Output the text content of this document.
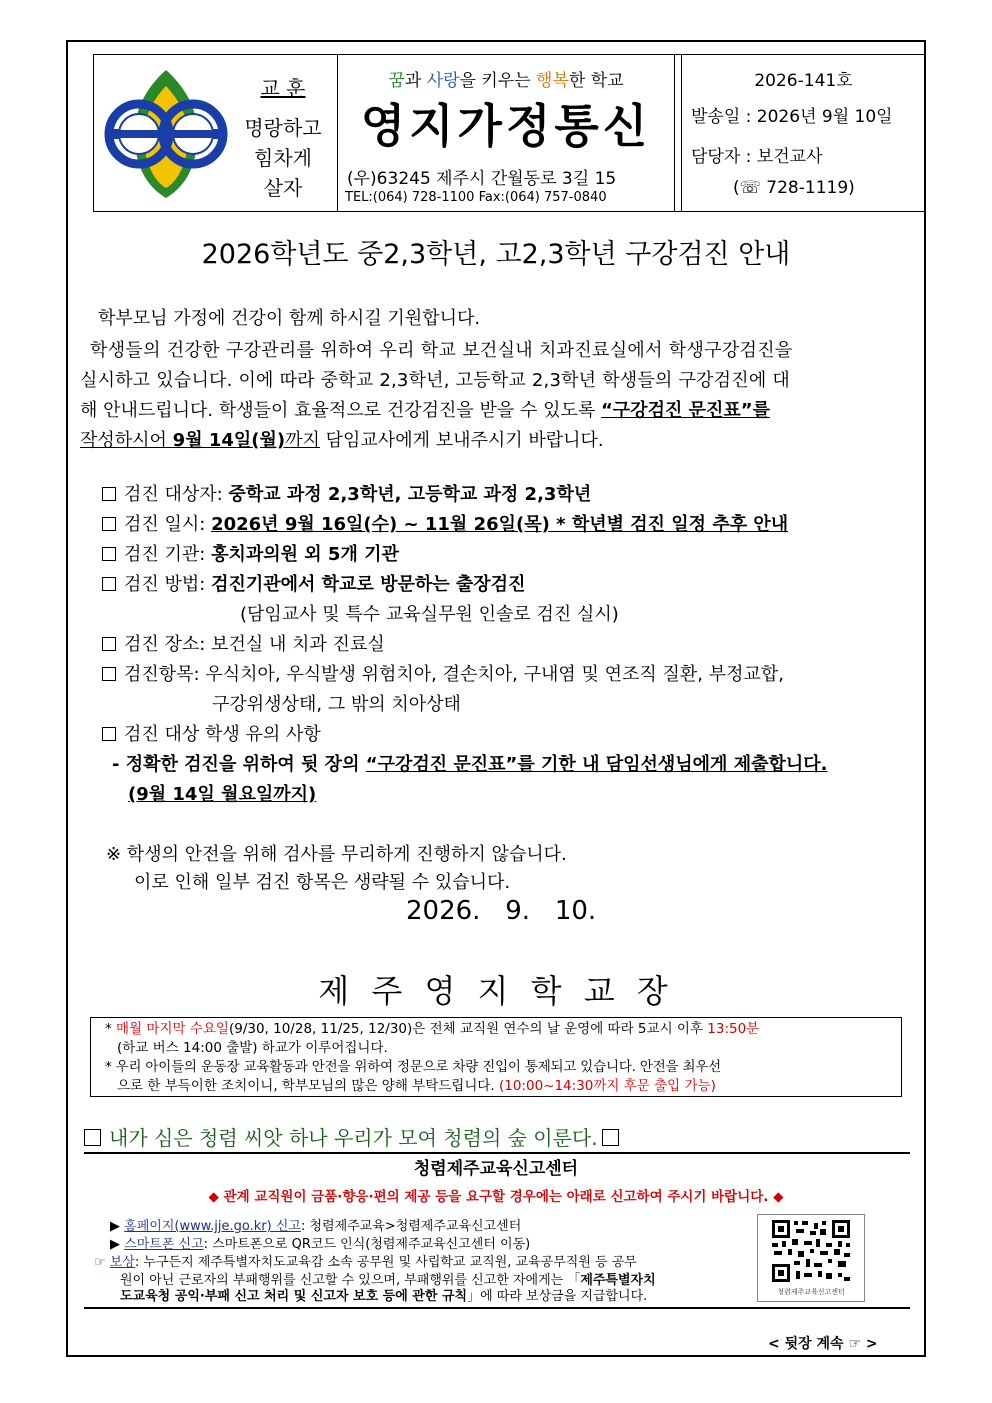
교 훈
명랑하고
힘차게
살자
꿈과 사랑을 키우는 행복한 학교
영지가정통신
(우)63245 제주시 간월동로 3길 15
TEL:(064) 728-1100 Fax:(064) 757-0840
2026-141호
발송일 : 2026년 9월 10일
담당자 : 보건교사
(☏ 728-1119)
2026학년도 중2,3학년, 고2,3학년 구강검진 안내
학부모님 가정에 건강이 함께 하시길 기원합니다.
학생들의 건강한 구강관리를 위하여 우리 학교 보건실내 치과진료실에서 학생구강검진을
실시하고 있습니다. 이에 따라 중학교 2,3학년, 고등학교 2,3학년 학생들의 구강검진에 대
해 안내드립니다. 학생들이 효율적으로 건강검진을 받을 수 있도록 “구강검진 문진표”를
작성하시어 9월 14일(월)까지 담임교사에게 보내주시기 바랍니다.
검진 대상자: 중학교 과정 2,3학년, 고등학교 과정 2,3학년
검진 일시: 2026년 9월 16일(수) ~ 11월 26일(목) * 학년별 검진 일정 추후 안내
검진 기관: 홍치과의원 외 5개 기관
검진 방법: 검진기관에서 학교로 방문하는 출장검진
(담임교사 및 특수 교육실무원 인솔로 검진 실시)
검진 장소: 보건실 내 치과 진료실
검진항목: 우식치아, 우식발생 위험치아, 결손치아, 구내염 및 연조직 질환, 부정교합,
구강위생상태, 그 밖의 치아상태
검진 대상 학생 유의 사항
- 정확한 검진을 위하여 뒷 장의 “구강검진 문진표”를 기한 내 담임선생님에게 제출합니다.
(9월 14일 월요일까지)
※ 학생의 안전을 위해 검사를 무리하게 진행하지 않습니다.
이로 인해 일부 검진 항목은 생략될 수 있습니다.
2026.   9.   10.
제 주 영 지 학 교 장
* 매월 마지막 수요일(9/30, 10/28, 11/25, 12/30)은 전체 교직원 연수의 날 운영에 따라 5교시 이후 13:50분
(하교 버스 14:00 출발) 하교가 이루어집니다.
* 우리 아이들의 운동장 교육활동과 안전을 위하여 정문으로 차량 진입이 통제되고 있습니다. 안전을 최우선
으로 한 부득이한 조치이니, 학부모님의 많은 양해 부탁드립니다. (10:00~14:30까지 후문 출입 가능)
내가 심은 청렴 씨앗 하나 우리가 모여 청렴의 숲 이룬다.
청렴제주교육신고센터
◆ 관계 교직원이 금품·향응·편의 제공 등을 요구할 경우에는 아래로 신고하여 주시기 바랍니다. ◆
▶ 홈페이지(www.jje.go.kr) 신고: 청렴제주교육>청렴제주교육신고센터
▶ 스마트폰 신고: 스마트폰으로 QR코드 인식(청렴제주교육신고센터 이동)
☞ 보상: 누구든지 제주특별자치도교육감 소속 공무원 및 사립학교 교직원, 교육공무직원 등 공무
원이 아닌 근로자의 부패행위를 신고할 수 있으며, 부패행위를 신고한 자에게는 「제주특별자치
도교육청 공익·부패 신고 처리 및 신고자 보호 등에 관한 규칙」에 따라 보상금을 지급합니다.	청렴제주교육신고센터
< 뒷장 계속 ☞ >
